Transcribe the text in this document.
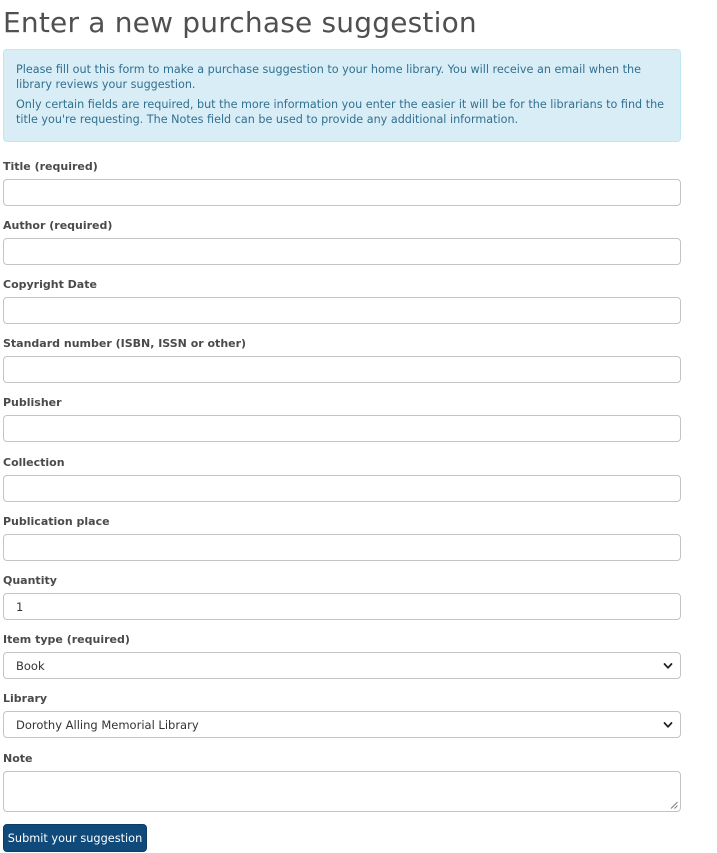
Enter a new purchase suggestion

Please fill out this form to make a purchase suggestion to your home library. You will receive an email when the library reviews your suggestion.

Only certain fields are required, but the more information you enter the easier it will be for the librarians to find the title you're requesting. The Notes field can be used to provide any additional information.

Title (required)
Author (required)
Copyright Date
Standard number (ISBN, ISSN or other)
Publisher
Collection
Publication place
Quantity
1
Item type (required)
Book
Library
Dorothy Alling Memorial Library
Note
Submit your suggestion
